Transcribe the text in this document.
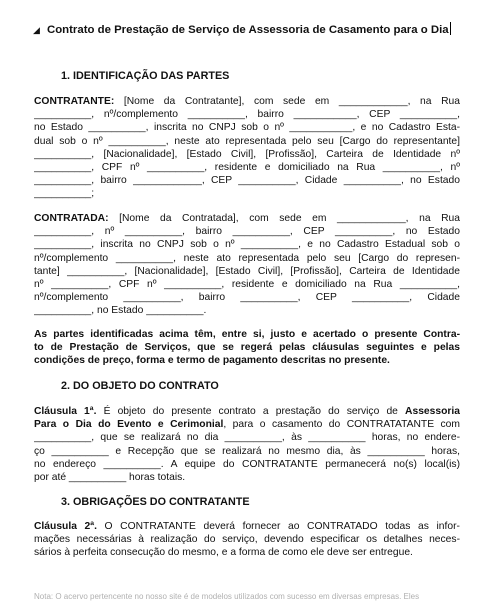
◢ Contrato de Prestação de Serviço de Assessoria de Casamento para o Dia
1. IDENTIFICAÇÃO DAS PARTES
CONTRATANTE: [Nome da Contratante], com sede em ____________, na Rua
__________, nº/complemento __________, bairro ___________, CEP __________,
no Estado __________, inscrita no CNPJ sob o nº ___________, e no Cadastro Esta-
dual sob o nº __________, neste ato representada pelo seu [Cargo do representante]
__________, [Nacionalidade], [Estado Civil], [Profissão], Carteira de Identidade nº
__________, CPF nº __________, residente e domiciliado na Rua __________, nº
__________, bairro ____________, CEP __________, Cidade __________, no Estado
__________;
CONTRATADA: [Nome da Contratada], com sede em ____________, na Rua
__________, nº __________, bairro __________, CEP __________, no Estado
__________, inscrita no CNPJ sob o nº __________, e no Cadastro Estadual sob o
nº/complemento __________, neste ato representada pelo seu [Cargo do represen-
tante] __________, [Nacionalidade], [Estado Civil], [Profissão], Carteira de Identidade
nº __________, CPF nº __________, residente e domiciliado na Rua __________,
nº/complemento __________, bairro __________, CEP __________, Cidade
__________, no Estado __________.
As partes identificadas acima têm, entre si, justo e acertado o presente Contra-
to de Prestação de Serviços, que se regerá pelas cláusulas seguintes e pelas
condições de preço, forma e termo de pagamento descritas no presente.
2. DO OBJETO DO CONTRATO
Cláusula 1ª. É objeto do presente contrato a prestação do serviço de Assessoria
Para o Dia do Evento e Cerimonial, para o casamento do CONTRATATANTE com
__________, que se realizará no dia __________, às __________ horas, no endere-
ço __________ e Recepção que se realizará no mesmo dia, às __________ horas,
no endereço __________. A equipe do CONTRATANTE permanecerá no(s) local(is)
por até __________ horas totais.
3. OBRIGAÇÕES DO CONTRATANTE
Cláusula 2ª. O CONTRATANTE deverá fornecer ao CONTRATADO todas as infor-
mações necessárias à realização do serviço, devendo especificar os detalhes neces-
sários à perfeita consecução do mesmo, e a forma de como ele deve ser entregue.
Nota: O acervo pertencente no nosso site é de modelos utilizados com sucesso em diversas empresas. Eles
